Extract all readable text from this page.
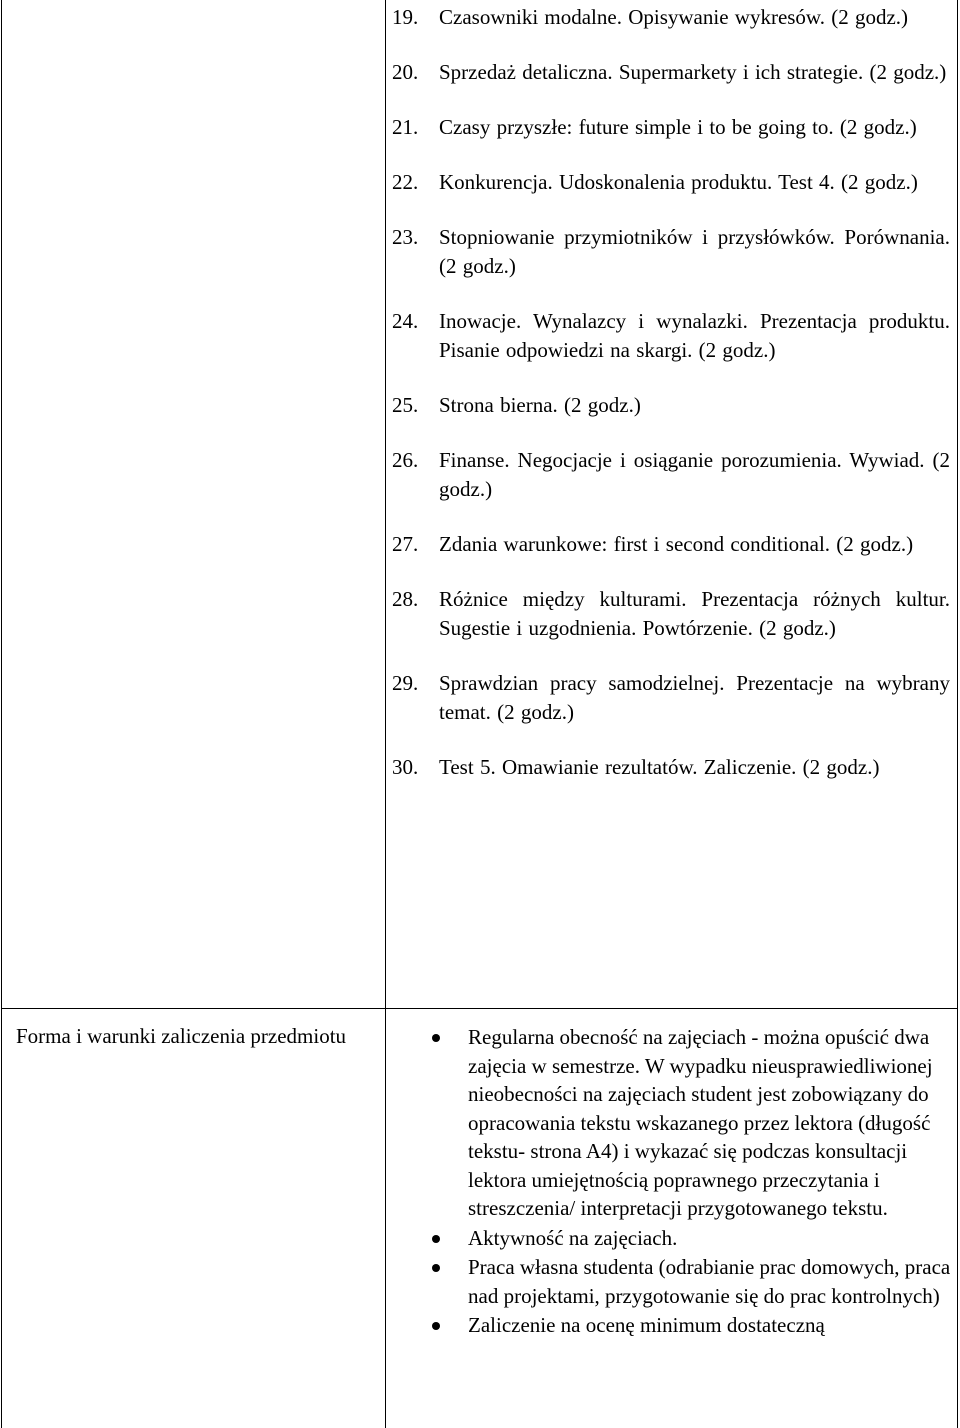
19. Czasowniki modalne. Opisywanie wykresów. (2 godz.)
20. Sprzedaż detaliczna. Supermarkety i ich strategie. (2 godz.)
21. Czasy przyszłe: future simple i to be going to. (2 godz.)
22. Konkurencja. Udoskonalenia produktu. Test 4. (2 godz.)
23. Stopniowanie przymiotników i przysłówków. Porównania. (2 godz.)
24. Inowacje. Wynalazcy i wynalazki. Prezentacja produktu. Pisanie odpowiedzi na skargi. (2 godz.)
25. Strona bierna. (2 godz.)
26. Finanse. Negocjacje i osiąganie porozumienia. Wywiad. (2 godz.)
27. Zdania warunkowe: first i second conditional. (2 godz.)
28. Różnice między kulturami. Prezentacja różnych kultur. Sugestie i uzgodnienia. Powtórzenie. (2 godz.)
29. Sprawdzian pracy samodzielnej. Prezentacje na wybrany temat. (2 godz.)
30. Test 5. Omawianie rezultatów. Zaliczenie. (2 godz.)

Forma i warunki zaliczenia przedmiotu	Regularna obecność na zajęciach - można opuścić dwa zajęcia w semestrze. W wypadku nieusprawiedliwionej nieobecności na zajęciach student jest zobowiązany do opracowania tekstu wskazanego przez lektora (długość tekstu- strona A4) i wykazać się podczas konsultacji lektora umiejętnością poprawnego przeczytania i streszczenia/ interpretacji przygotowanego tekstu.
Aktywność na zajęciach.
Praca własna studenta (odrabianie prac domowych, praca nad projektami, przygotowanie się do prac kontrolnych)
Zaliczenie na ocenę minimum dostateczną
